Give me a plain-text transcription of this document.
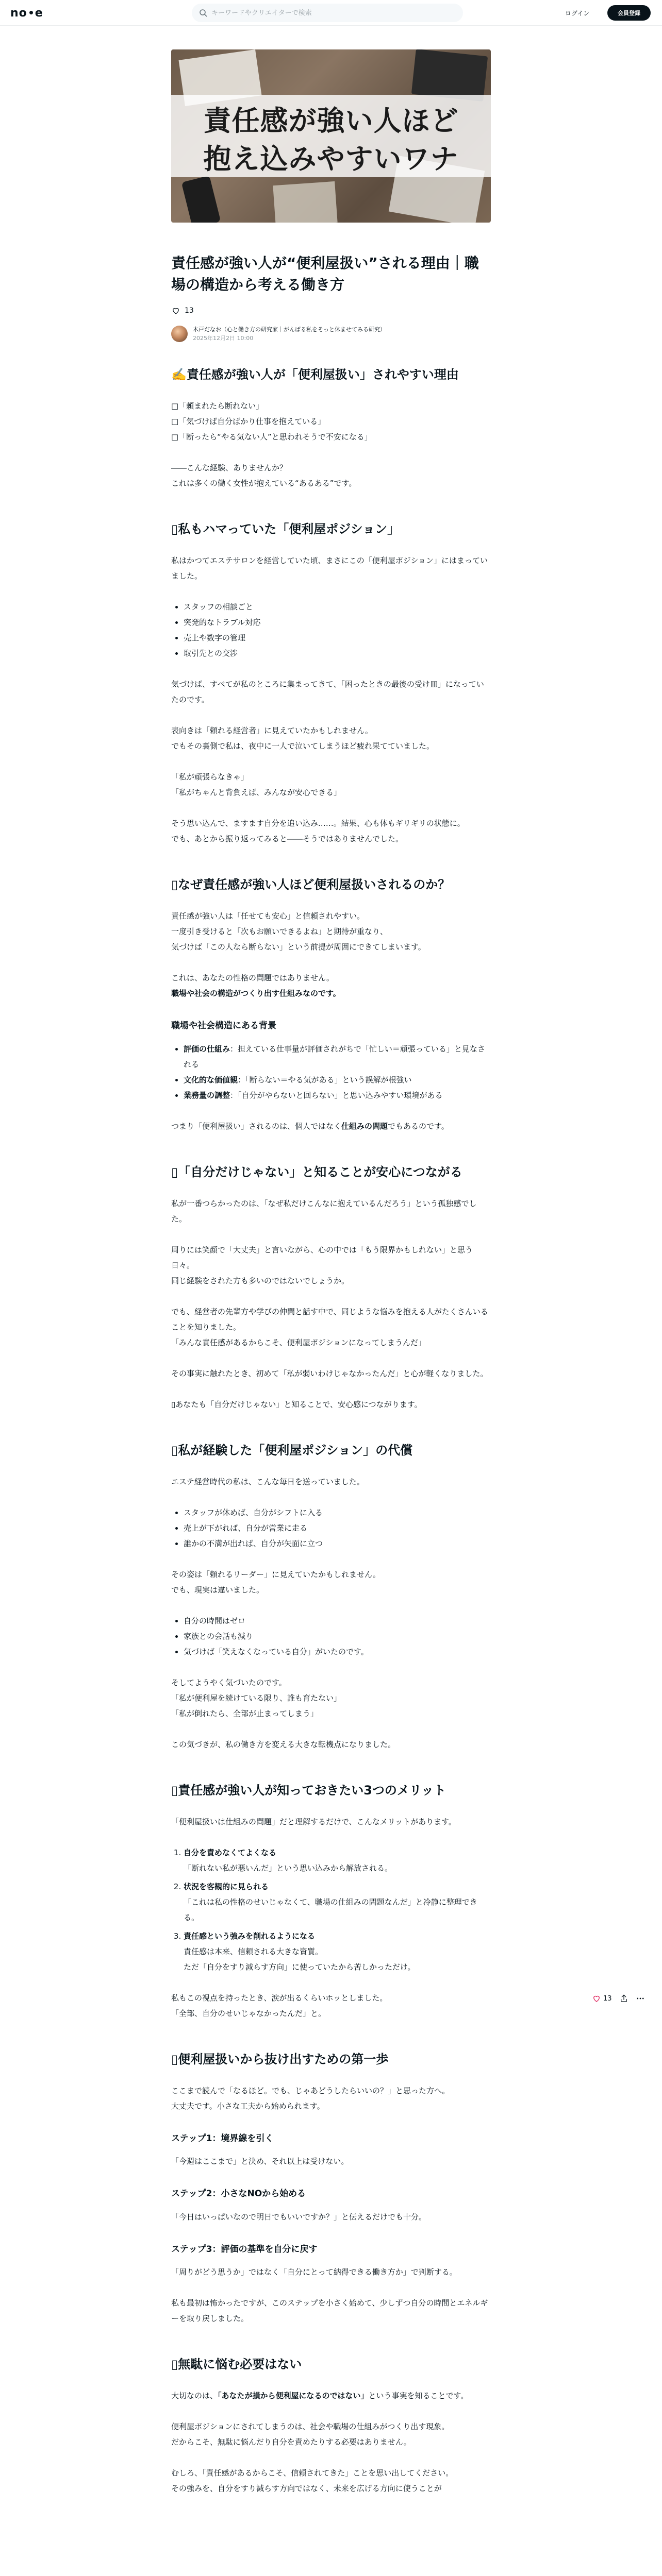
no e
キーワードやクリエイターで検索	ログイン	会員登録
責任感が強い人ほど
抱え込みやすいワナ
責任感が強い人が“便利屋扱い”される理由｜職場の構造から考える働き方
13
木戸だなお（心と働き方の研究家｜がんばる私をそっと休ませてみる研究）
2025年12月2日 10:00
✍️責任感が強い人が「便利屋扱い」されやすい理由

□「頼まれたら断れない」
□「気づけば自分ばかり仕事を抱えている」
□「断ったら“やる気ない人”と思われそうで不安になる」

――こんな経験、ありませんか？
これは多くの働く女性が抱えている“あるある”です。

▯私もハマっていた「便利屋ポジション」

私はかつてエステサロンを経営していた頃、まさにこの「便利屋ポジション」にはまっていました。

• スタッフの相談ごと
• 突発的なトラブル対応
• 売上や数字の管理
• 取引先との交渉

気づけば、すべてが私のところに集まってきて、「困ったときの最後の受け皿」になっていたのです。

表向きは「頼れる経営者」に見えていたかもしれません。
でもその裏側で私は、夜中に一人で泣いてしまうほど疲れ果てていました。

「私が頑張らなきゃ」
「私がちゃんと背負えば、みんなが安心できる」

そう思い込んで、ますます自分を追い込み……。結果、心も体もギリギリの状態に。
でも、あとから振り返ってみると――そうではありませんでした。

▯なぜ責任感が強い人ほど便利屋扱いされるのか？

責任感が強い人は「任せても安心」と信頼されやすい。
一度引き受けると「次もお願いできるよね」と期待が重なり、
気づけば「この人なら断らない」という前提が周囲にできてしまいます。

これは、あなたの性格の問題ではありません。
職場や社会の構造がつくり出す仕組みなのです。

職場や社会構造にある背景
• 評価の仕組み：担えている仕事量が評価されがちで「忙しい＝頑張っている」と見なされる
• 文化的な価値観：「断らない＝やる気がある」という誤解が根強い
• 業務量の調整：「自分がやらないと回らない」と思い込みやすい環境がある

つまり「便利屋扱い」されるのは、個人ではなく仕組みの問題でもあるのです。

▯「自分だけじゃない」と知ることが安心につながる

私が一番つらかったのは、「なぜ私だけこんなに抱えているんだろう」という孤独感でした。

周りには笑顔で「大丈夫」と言いながら、心の中では「もう限界かもしれない」と思う日々。
同じ経験をされた方も多いのではないでしょうか。

でも、経営者の先輩方や学びの仲間と話す中で、同じような悩みを抱える人がたくさんいることを知りました。
「みんな責任感があるからこそ、便利屋ポジションになってしまうんだ」

その事実に触れたとき、初めて「私が弱いわけじゃなかったんだ」と心が軽くなりました。

▯あなたも「自分だけじゃない」と知ることで、安心感につながります。

▯私が経験した「便利屋ポジション」の代償

エステ経営時代の私は、こんな毎日を送っていました。

• スタッフが休めば、自分がシフトに入る
• 売上が下がれば、自分が営業に走る
• 誰かの不満が出れば、自分が矢面に立つ

その姿は「頼れるリーダー」に見えていたかもしれません。
でも、現実は違いました。

• 自分の時間はゼロ
• 家族との会話も減り
• 気づけば「笑えなくなっている自分」がいたのです。

そしてようやく気づいたのです。
「私が便利屋を続けている限り、誰も育たない」
「私が倒れたら、全部が止まってしまう」

この気づきが、私の働き方を変える大きな転機点になりました。

▯責任感が強い人が知っておきたい3つのメリット

「便利屋扱いは仕組みの問題」だと理解するだけで、こんなメリットがあります。

1. 自分を責めなくてよくなる
「断れない私が悪いんだ」という思い込みから解放される。
2. 状況を客観的に見られる
「これは私の性格のせいじゃなくて、職場の仕組みの問題なんだ」と冷静に整理できる。
3. 責任感という強みを削れるようになる
責任感は本来、信頼される大きな資質。
ただ「自分をすり減らす方向」に使っていたから苦しかっただけ。

私もこの視点を持ったとき、涙が出るくらいホッとしました。
「全部、自分のせいじゃなかったんだ」と。

▯便利屋扱いから抜け出すための第一歩

ここまで読んで「なるほど。でも、じゃあどうしたらいいの？」と思った方へ。
大丈夫です。小さな工夫から始められます。

ステップ1：境界線を引く

「今週はここまで」と決め、それ以上は受けない。

ステップ2：小さなNOから始める

「今日はいっぱいなので明日でもいいですか？」と伝えるだけでも十分。

ステップ3：評価の基準を自分に戻す

「周りがどう思うか」ではなく「自分にとって納得できる働き方か」で判断する。

私も最初は怖かったですが、このステップを小さく始めて、少しずつ自分の時間とエネルギーを取り戻しました。

▯無駄に悩む必要はない

大切なのは、「あなたが損から便利屋になるのではない」という事実を知ることです。

便利屋ポジションにされてしまうのは、社会や職場の仕組みがつくり出す現象。
だからこそ、無駄に悩んだり自分を責めたりする必要はありません。

むしろ、「責任感があるからこそ、信頼されてきた」ことを思い出してください。
その強みを、自分をすり減らす方向ではなく、未来を広げる方向に使うことが

13
